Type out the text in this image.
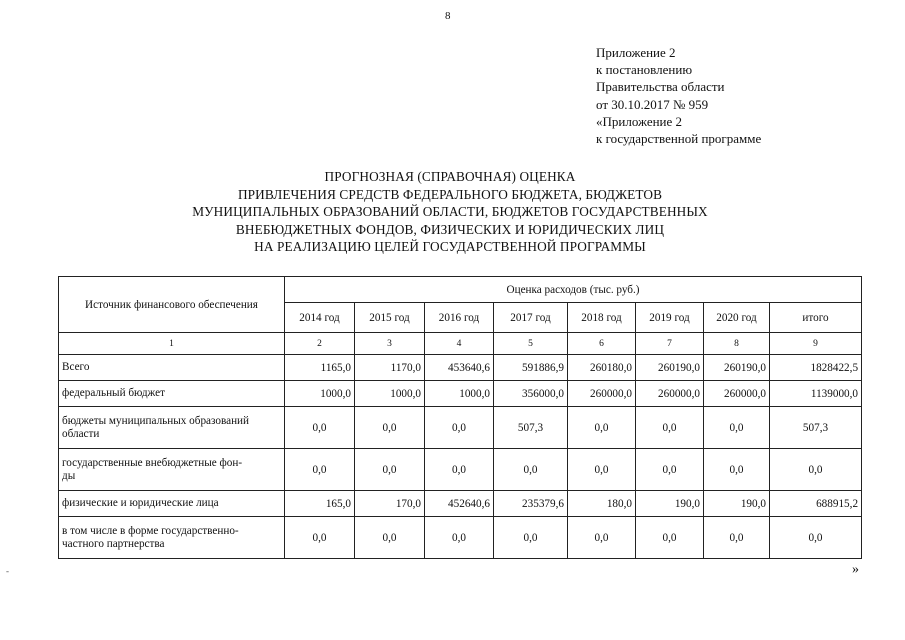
8
Приложение 2
к постановлению
Правительства области
от 30.10.2017 № 959
«Приложение 2
к государственной программе
ПРОГНОЗНАЯ (СПРАВОЧНАЯ) ОЦЕНКА
ПРИВЛЕЧЕНИЯ СРЕДСТВ ФЕДЕРАЛЬНОГО БЮДЖЕТА, БЮДЖЕТОВ
МУНИЦИПАЛЬНЫХ ОБРАЗОВАНИЙ ОБЛАСТИ, БЮДЖЕТОВ ГОСУДАРСТВЕННЫХ
ВНЕБЮДЖЕТНЫХ ФОНДОВ, ФИЗИЧЕСКИХ И ЮРИДИЧЕСКИХ ЛИЦ
НА РЕАЛИЗАЦИЮ ЦЕЛЕЙ ГОСУДАРСТВЕННОЙ ПРОГРАММЫ
Источник финансового обеспечения	Оценка расходов (тыс. руб.)							
	2014 год	2015 год	2016 год	2017 год	2018 год	2019 год	2020 год	итого
1	2	3	4	5	6	7	8	9

Всего	1165,0	1170,0	453640,6	591886,9	260180,0	260190,0	260190,0	1828422,5

федеральный бюджет	1000,0	1000,0	1000,0	356000,0	260000,0	260000,0	260000,0	1139000,0

бюджеты муниципальных образований
области	0,0	0,0	0,0	507,3	0,0	0,0	0,0	507,3

государственные внебюджетные фон-
ды	0,0	0,0	0,0	0,0	0,0	0,0	0,0	0,0

физические и юридические лица	165,0	170,0	452640,6	235379,6	180,0	190,0	190,0	688915,2

в том числе в форме государственно-
частного партнерства	0,0	0,0	0,0	0,0	0,0	0,0	0,0	0,0
»
-
